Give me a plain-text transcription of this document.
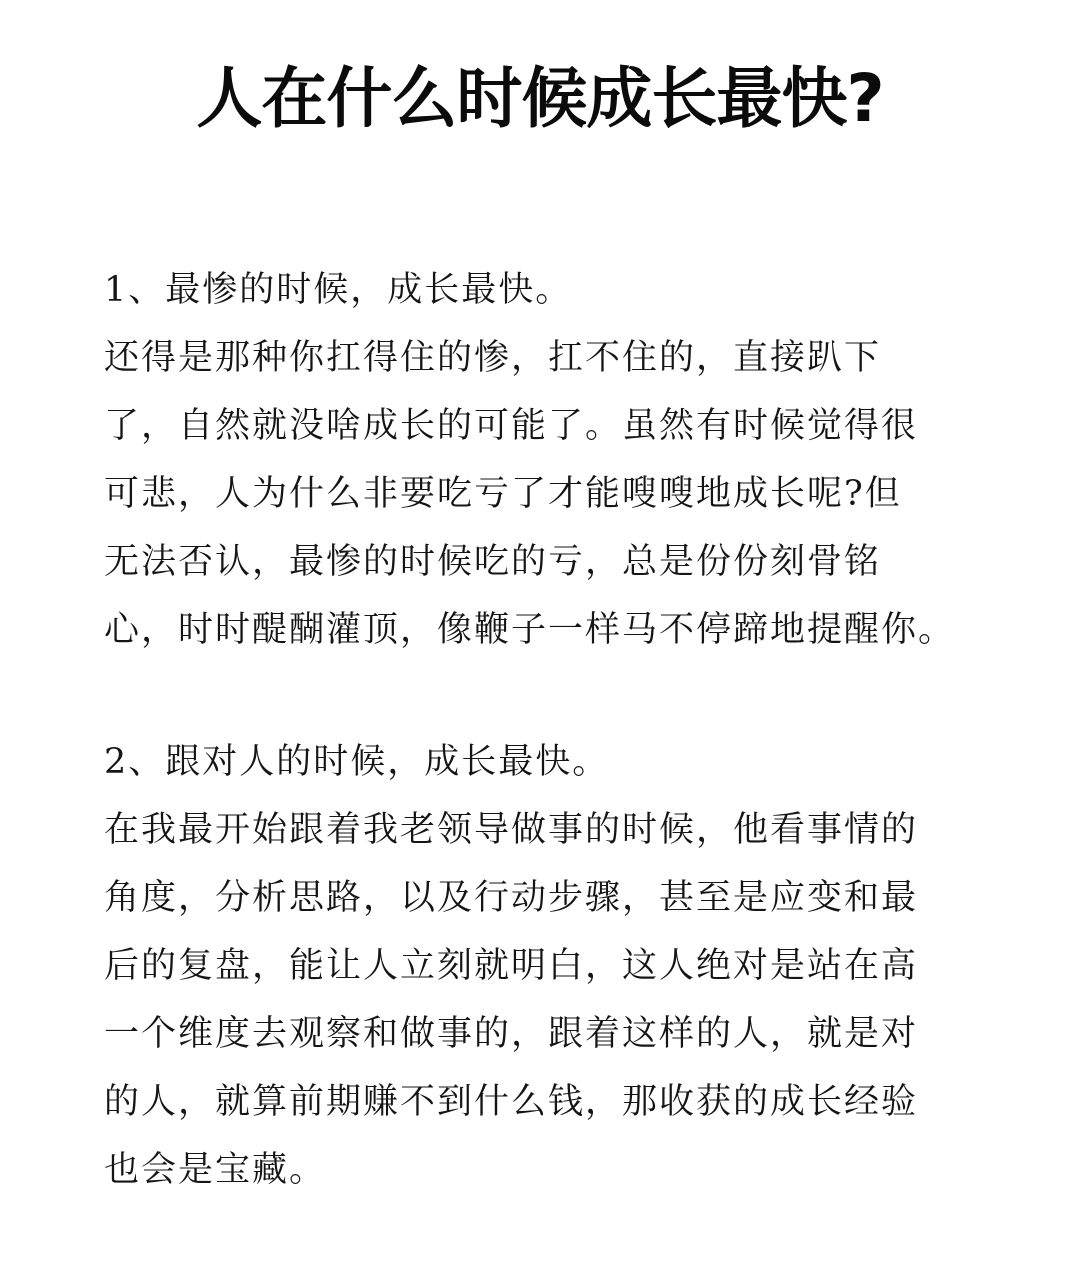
人在什么时候成长最快?
1、最惨的时候，成长最快。
还得是那种你扛得住的惨，扛不住的，直接趴下
了，自然就没啥成长的可能了。虽然有时候觉得很
可悲，人为什么非要吃亏了才能嗖嗖地成长呢?但
无法否认，最惨的时候吃的亏，总是份份刻骨铭
心，时时醍醐灌顶，像鞭子一样马不停蹄地提醒你。
2、跟对人的时候，成长最快。
在我最开始跟着我老领导做事的时候，他看事情的
角度，分析思路，以及行动步骤，甚至是应变和最
后的复盘，能让人立刻就明白，这人绝对是站在高
一个维度去观察和做事的，跟着这样的人，就是对
的人，就算前期赚不到什么钱，那收获的成长经验
也会是宝藏。
